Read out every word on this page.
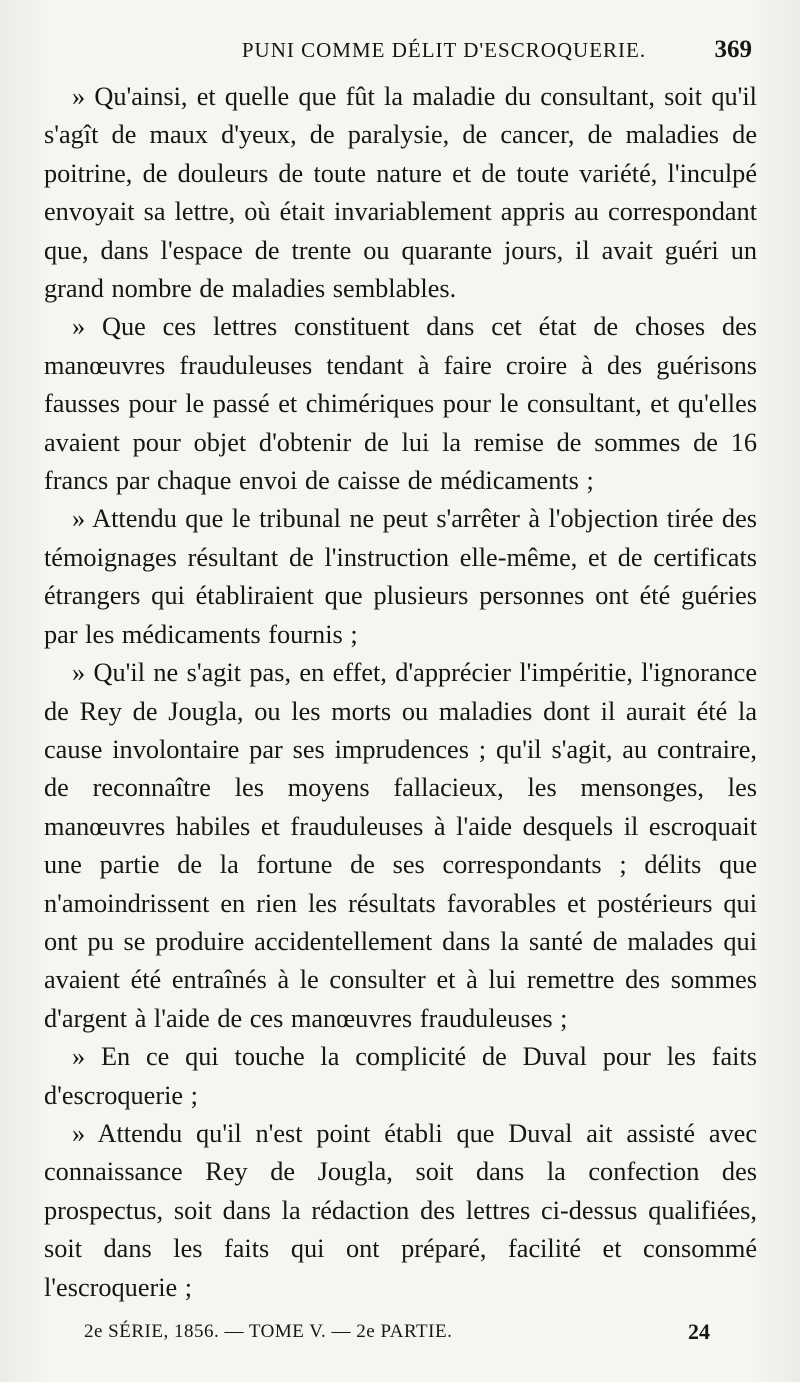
PUNI COMME DÉLIT D'ESCROQUERIE.	369

» Qu'ainsi, et quelle que fût la maladie du consultant, soit qu'il s'agît de maux d'yeux, de paralysie, de cancer, de maladies de poitrine, de douleurs de toute nature et de toute variété, l'inculpé envoyait sa lettre, où était invariablement appris au correspondant que, dans l'espace de trente ou quarante jours, il avait guéri un grand nombre de maladies semblables.

» Que ces lettres constituent dans cet état de choses des manœuvres frauduleuses tendant à faire croire à des guérisons fausses pour le passé et chimériques pour le consultant, et qu'elles avaient pour objet d'obtenir de lui la remise de sommes de 16 francs par chaque envoi de caisse de médicaments ;

» Attendu que le tribunal ne peut s'arrêter à l'objection tirée des témoignages résultant de l'instruction elle-même, et de certificats étrangers qui établiraient que plusieurs personnes ont été guéries par les médicaments fournis ;

» Qu'il ne s'agit pas, en effet, d'apprécier l'impéritie, l'ignorance de Rey de Jougla, ou les morts ou maladies dont il aurait été la cause involontaire par ses imprudences ; qu'il s'agit, au contraire, de reconnaître les moyens fallacieux, les mensonges, les manœuvres habiles et frauduleuses à l'aide desquels il escroquait une partie de la fortune de ses correspondants ; délits que n'amoindrissent en rien les résultats favorables et postérieurs qui ont pu se produire accidentellement dans la santé de malades qui avaient été entraînés à le consulter et à lui remettre des sommes d'argent à l'aide de ces manœuvres frauduleuses ;

» En ce qui touche la complicité de Duval pour les faits d'escroquerie ;

» Attendu qu'il n'est point établi que Duval ait assisté avec connaissance Rey de Jougla, soit dans la confection des prospectus, soit dans la rédaction des lettres ci-dessus qualifiées, soit dans les faits qui ont préparé, facilité et consommé l'escroquerie ;

2e SÉRIE, 1856. — TOME V. — 2e PARTIE.	24
